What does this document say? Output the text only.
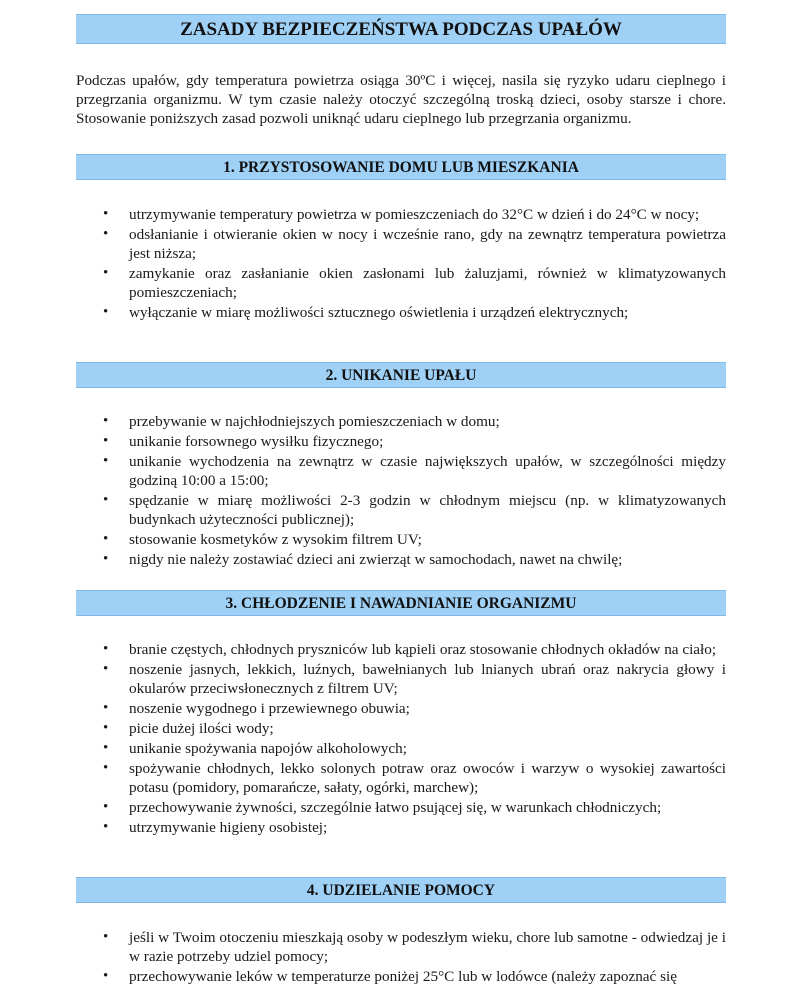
ZASADY BEZPIECZEŃSTWA PODCZAS UPAŁÓW

Podczas upałów, gdy temperatura powietrza osiąga 30ºC i więcej, nasila się ryzyko udaru cieplnego i przegrzania organizmu. W tym czasie należy otoczyć szczególną troską dzieci, osoby starsze i chore. Stosowanie poniższych zasad pozwoli uniknąć udaru cieplnego lub przegrzania organizmu.

1. PRZYSTOSOWANIE DOMU LUB MIESZKANIA
• utrzymywanie temperatury powietrza w pomieszczeniach do 32°C w dzień i do 24°C w nocy;
• odsłanianie i otwieranie okien w nocy i wcześnie rano, gdy na zewnątrz temperatura powietrza jest niższa;
• zamykanie oraz zasłanianie okien zasłonami lub żaluzjami, również w klimatyzowanych pomieszczeniach;
• wyłączanie w miarę możliwości sztucznego oświetlenia i urządzeń elektrycznych;
2. UNIKANIE UPAŁU
• przebywanie w najchłodniejszych pomieszczeniach w domu;
• unikanie forsownego wysiłku fizycznego;
• unikanie wychodzenia na zewnątrz w czasie największych upałów, w szczególności między godziną 10:00 a 15:00;
• spędzanie w miarę możliwości 2-3 godzin w chłodnym miejscu (np. w klimatyzowanych budynkach użyteczności publicznej);
• stosowanie kosmetyków z wysokim filtrem UV;
• nigdy nie należy zostawiać dzieci ani zwierząt w samochodach, nawet na chwilę;
3. CHŁODZENIE I NAWADNIANIE ORGANIZMU
• branie częstych, chłodnych pryszniców lub kąpieli oraz stosowanie chłodnych okładów na ciało;
• noszenie jasnych, lekkich, luźnych, bawełnianych lub lnianych ubrań oraz nakrycia głowy i okularów przeciwsłonecznych z filtrem UV;
• noszenie wygodnego i przewiewnego obuwia;
• picie dużej ilości wody;
• unikanie spożywania napojów alkoholowych;
• spożywanie chłodnych, lekko solonych potraw oraz owoców i warzyw o wysokiej zawartości potasu (pomidory, pomarańcze, sałaty, ogórki, marchew);
• przechowywanie żywności, szczególnie łatwo psującej się, w warunkach chłodniczych;
• utrzymywanie higieny osobistej;
4. UDZIELANIE POMOCY
• jeśli w Twoim otoczeniu mieszkają osoby w podeszłym wieku, chore lub samotne - odwiedzaj je i w razie potrzeby udziel pomocy;
• przechowywanie leków w temperaturze poniżej 25°C lub w lodówce (należy zapoznać się
